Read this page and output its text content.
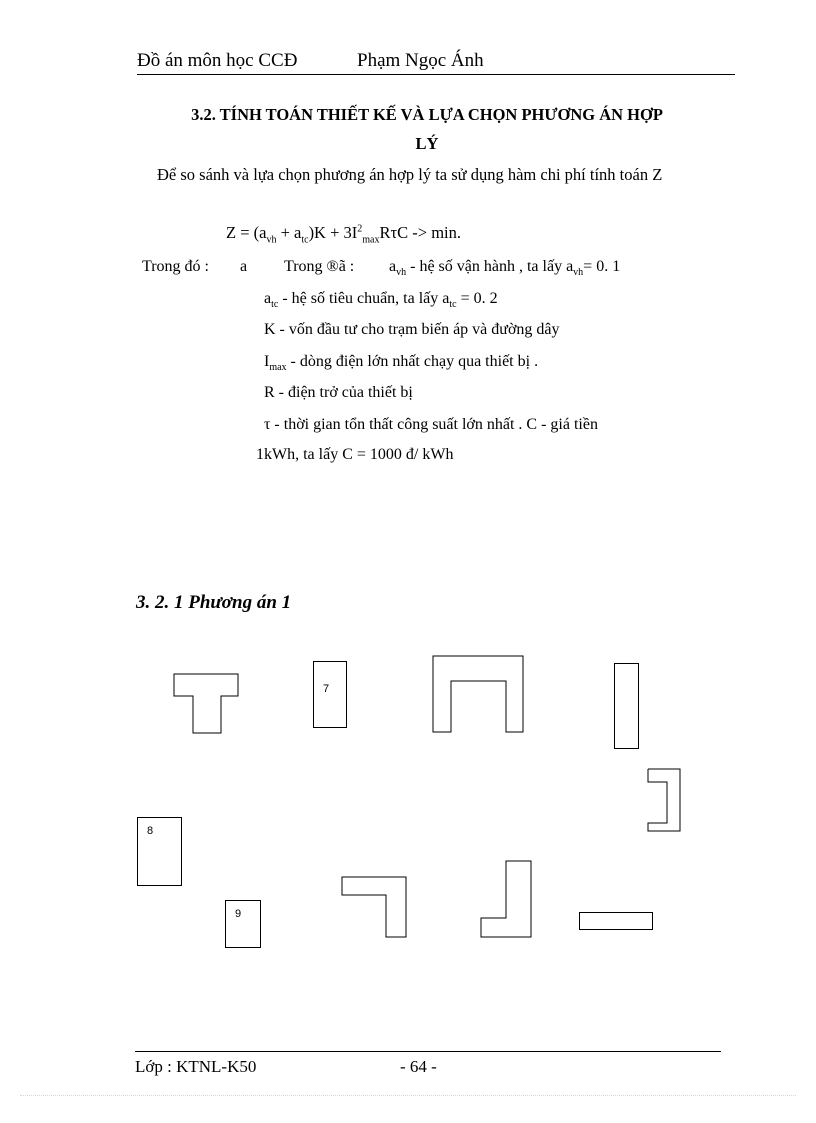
Đồ án môn học CCĐ	Phạm Ngọc Ánh
3.2. TÍNH TOÁN THIẾT KẾ VÀ LỰA CHỌN PHƯƠNG ÁN HỢP
LÝ
Để so sánh và lựa chọn phương án hợp lý ta sử dụng hàm chi phí tính toán Z
$Z = (a_{vh} + a_{tc})K + 3I^2_{max}R\tau C -> \min$.
Trong đó : a Trong ®ã : $a_{vh}$ - hệ số vận hành , ta lấy $a_{vh}= 0$. 1
$a_{tc}$ - hệ số tiêu chuẩn, ta lấy $a_{tc} = 0$. 2
K - vốn đầu tư cho trạm biến áp và đường dây
$I_{max}$ - dòng điện lớn nhất chạy qua thiết bị .
R - điện trở của thiết bị
τ - thời gian tổn thất công suất lớn nhất . C - giá tiền
1kWh, ta lấy C = 1000 đ/ kWh
3. 2. 1 Phương án 1
7
8
9
Lớp : KTNL-K50	- 64 -
